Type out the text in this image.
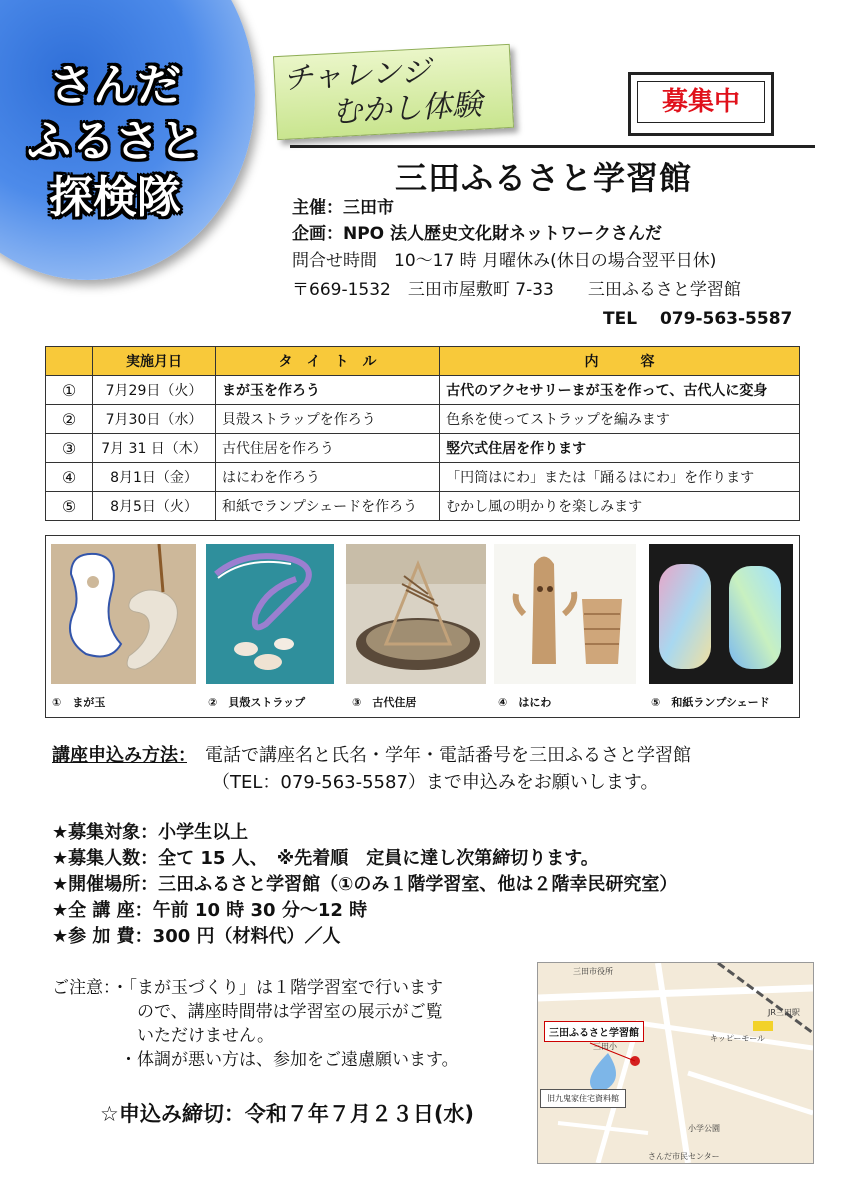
さんだ
ふるさと
探検隊
チャレンジ
むかし体験	募集中
三田ふるさと学習館
主催：三田市
企画：NPO 法人歴史文化財ネットワークさんだ
問合せ時間　10～17 時 月曜休み(休日の場合翌平日休)
〒669-1532　三田市屋敷町 7-33　　三田ふるさと学習館
TEL　 079-563-5587
	実施月日	タ　イ　ト　ル	内　　　容
①	7月29日（火）	まが玉を作ろう	古代のアクセサリーまが玉を作って、古代人に変身
②	7月30日（水）	貝殻ストラップを作ろう	色糸を使ってストラップを編みます
③	7月 31 日（木）	古代住居を作ろう	竪穴式住居を作ります
④	8月1日（金）	はにわを作ろう	「円筒はにわ」または「踊るはにわ」を作ります
⑤	8月5日（火）	和紙でランプシェードを作ろう	むかし風の明かりを楽しみます
①　まが玉	②　貝殻ストラップ	③　古代住居	④　はにわ	⑤　和紙ランプシェード
講座申込み方法：　電話で講座名と氏名・学年・電話番号を三田ふるさと学習館
（TEL：079-563-5587）まで申込みをお願いします。
★募集対象：小学生以上
★募集人数：全て 15 人、　※先着順　定員に達し次第締切ります。
★開催場所：三田ふるさと学習館（①のみ１階学習室、他は２階幸民研究室）
★全 講 座：午前 10 時 30 分～12 時
★参 加 費：300 円（材料代）／人
ご注意：・「まが玉づくり」は１階学習室で行います
　　　　　ので、講座時間帯は学習室の展示がご覧
　　　　　いただけません。
　　　　・体調が悪い方は、参加をご遠慮願います。
☆申込み締切：令和７年７月２３日(水)
三田市役所
JR三田駅
キッピーモール
さんだ市民センター
三田小
小学公園
三田ふるさと学習館
旧九鬼家住宅資料館
